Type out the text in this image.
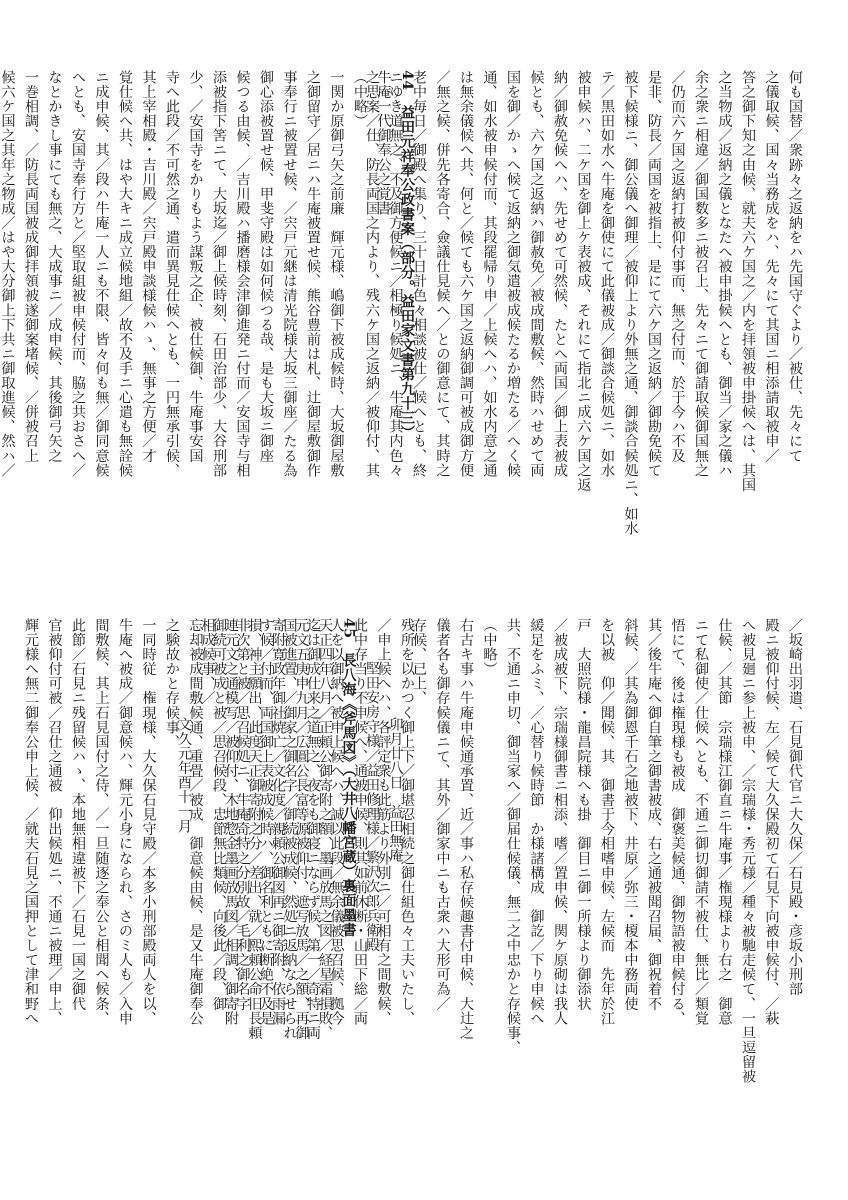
44　益田元祥奉公政書案（部分。益田家文書第九十三）
牛庵一代御奉公之覚書
（中略）
一関か原御弓矢之前廉　輝元様、嶋御下被成候時、大坂御屋敷
之御留守／居ニハ牛庵被置せ候、熊谷豊前は札、辻御屋敷御作
事奉行ニ被置せ候、／宍戸元継は清光院様大坂三御座／たる為
御心添被置せ候、甲斐守殿は如何候つる哉、是も大坂ニ御座
候つる由候、／吉川殿ハ播磨様会津御進発ニ付而／安国寺与相
添被指下筈ニて、大坂迄／御上候時刻、石田治部少、大谷刑部
少、／安国寺をかりもよう謀叛之企、被仕候御、牛庵事安国
寺へ此段／不可然之通、遣而異見仕候へとも、一円無承引候、
其上宰相殿・吉川殿／宍戸殿申談様候ハゝ、無事之方便／才
覚仕候へ共、はや大キニ成立候地組／故不及手ニ心遣も無詮候
ニ成申候、其／段ハ牛庵一人ニも不限、皆々何も無／御同意候
へとも、安国寺奉行方と／堅取組被申候付而、脇之共おさへ／
なとかきし事にても無之、大成事ニ／成申候、其後御弓矢之
一巻相調、／防長両国被成御拝領被遂御案堵候、／併被召上
候六ケ国之其年之物成／はや大分御上下共ニ御取進候、然ハ／
／坂崎出羽遣、石見御代官ニ大久保／石見殿・彦坂小刑部
殿ニ被仰付候、左／候て大久保殿初て石見下向被申候付、／萩
へ被見廻ニ参上被申、／宗瑞様・秀元様／種々被馳走候て、一旦逗留被
仕候、／其節　宗瑞様江御直ニ牛庵事／権現様より右之　御意
ニて私御使／仕候へとも、不通ニ御切御請不被仕、無比／類覚
悟にて、後は権現様も被成　御褒美候通、御物語被申候付る、
其／後牛庵へ御自筆之御書被成、右之通被聞召届、御祝着不
斜候、／其為御恩千石之地被下、井原／弥三・榎本中務両使
を以被　仰／聞候、其　御書于今相嗜申候、左候而　先年於江
戸　大照院様・龍昌院様へも掛　御目ニ御一所様より御添状
／被成被下、宗瑞様御書ニ相添、嗜／置申候、関ケ原砌は我人
緩足をふミ、／心替り候時節　か様諸構成　御訖／下り申候へ
共、不通ニ申切、御当家へ／御届仕候儀、無二之中忠かと存候事、
（中略）
右古キ事ハ牛庵申候通承置、近／事ハ私存候趣書付申候、大辻之
儀者各も御存候儀ニて、其外／御家中ニも古衆ハ大形可為／
存候、已上、
卯月廿八日　益田無庵
堅田安房守様／益田修理様／繁沢次郎兵衛殿
45　長八海《斧馬図》（大井八幡宮蔵）裏面墨書
天正四年八月／正頼公御寄附之額、墨画放馬之図／経星霜損敗、
元文五庚申九月／広圓公長富等源被仰付、遮写放馬／之額、再御
寄附寛政年御社焼亡／文化度／親頼公御図再ニ御寄附、依雨漏
損、神主願出、此度天正御寄附之分／差出、就／熙頼公命旧長頼
連元文之通模写／被仰付、木地惣金墨画放馬図／相調、御寄附
相成候事、／
文久元年酉十一月	残所を以かつく御上下／御堪忍相続之御仕組色々工夫いたし、
／申上候へハ、各評定衆も此筋より外別ニ／可相有之間敷候、
此中存当り不申候へ、通被申候、則其如前休断・山田下総／両
人を以御納へ被申上候へハ、誠以此段／無余儀被思召候、拠今
迄は御成仕来之道無之、夜をも御寝ニならず候、第一／奇特ニ両
国被進置、／御家之御名字／御続被成候、然処ニ返納ならせられ
す候／付而、両国御上表被成候時ハ、御名利ともに断絶不及是
非次第と被／思召候処ニ、牛庵奇特之分別故／毛利之御名字
御続可被成と被／思召候段、忠節無比類候、向後此／段、御
忘却被成間敷候通、重畳／被成　御意候由候、是又牛庵御奉公
之験故かと存候事、
一同時従　権現様、大久保石見守殿／本多小刑部殿両人を以、
牛庵へ被成／御意候ハ、輝元小身になられ、さのミ人も／入申
間敷候、其上石見国付之侍、／一旦随逐之奉公と相聞へ候条、
此節／石見ニ残留候ハゝ、本地無相違被下／石見一国之御代
官被仰付可被／召仕之通被　仰出候処ニ、不通ニ被理／申上、
輝元様へ無二御奉公申上候、／就夫石見之国押として津和野へ
何も国替／衆跡々之返納をハ先国守ぐより／被仕、先々にて
之儀取候、国々当務成をハ、先々にて其国ニ相添請取被申／
答之御下知之由候、就夫六ケ国之／内を拝領被申掛候へは、其国
之当物成／返納之儀となたへ被申掛候へとも、御当／家之儀ハ
余之衆ニ相違／御国数多ニ被召上、先々ニて御請取候御国無之
／仍而六ケ国之返納打被仰付事而、無之付而、於于今ハ不及
是非、防長／両国を被指上、是にて六ケ国之返納／御勘免候て
被下候様ニ、御公儀へ御理／被仰上より外無之通、御談合候処ニ、如水
テ／黒田如水へ牛庵を御使にて此儀被成／御談合候処ニ、如水
被申候ハ、二ケ国を御上ケ表被成、それにて指北ニ成六ケ国之返
納／御赦免候へハ、先せめて可然候、たとへ両国／御上表被成
候とも、六ケ国之返納ハ御赦免／被成間敷候、然時ハせめて両
国を御／かゝへ候て返納之御気遣被成候たるか増たる／へく候
通、如水被申候付而、其段罷帰り申／上候へハ、如水内意之通
は無余儀候へ共、何と／候ても六ケ国之返納御調可被成御方便
／無之候、併先各寄合、僉議仕見候へ／との御意にて、其時之
老中毎日／御殿へ集り、三十日計色々相談被仕／候へとも、終
ニゆき道無之、不及御方便候ニ／相極り候処ニ、牛庵其内色々
之思案／仕、防長両国之内より、残六ケ国之返納／被仰付、其
